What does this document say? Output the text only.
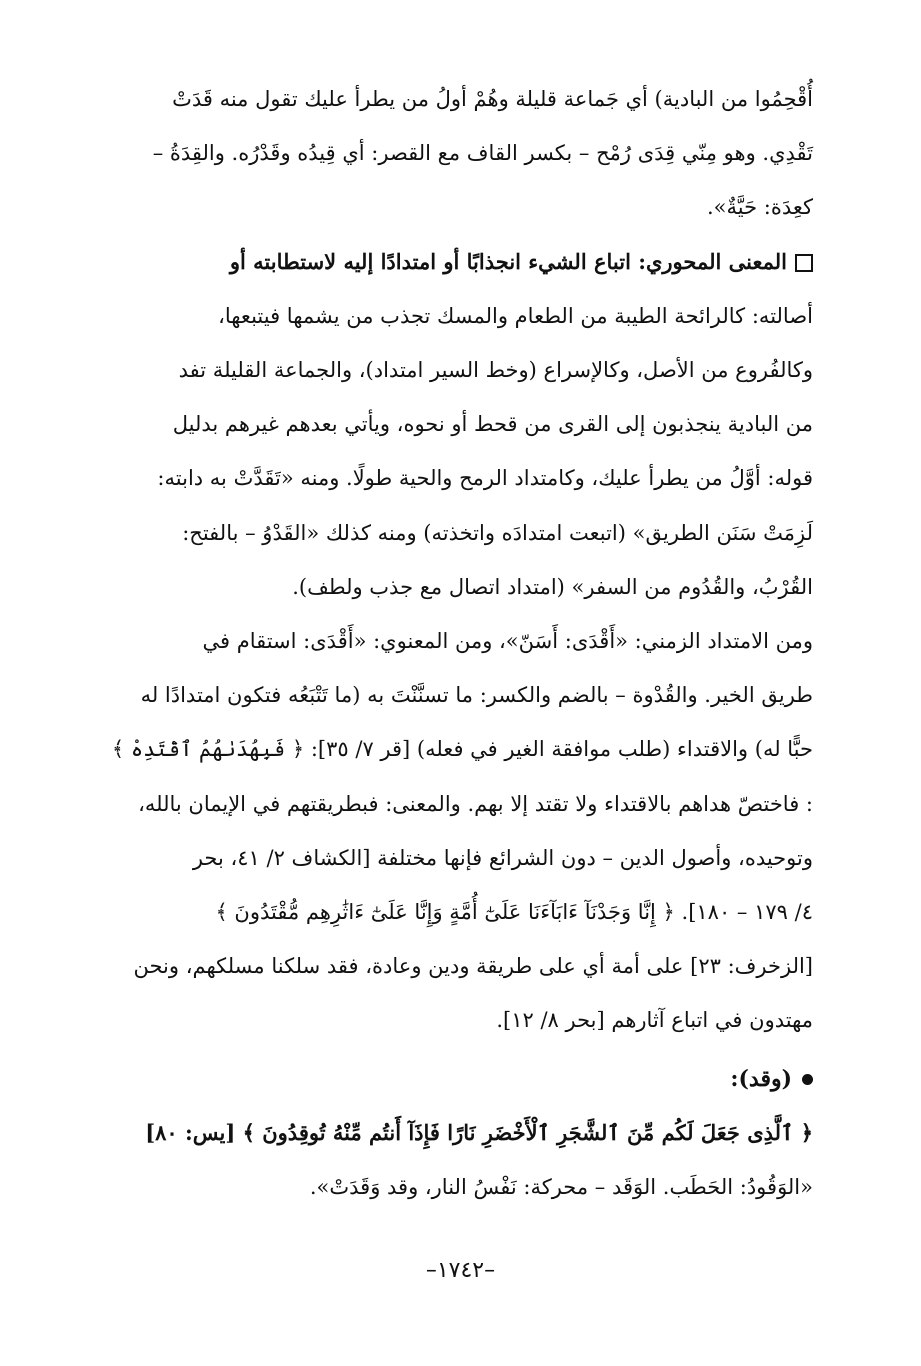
أُقْحِمُوا من البادية) أي جَماعة قليلة وهُمْ أولُ من يطرأ عليك تقول منه قَدَتْ
تَقْدِي. وهو مِنّي قِدَى رُمْح – بكسر القاف مع القصر: أي قِيدُه وقَدْرُه. والقِدَةُ –
كعِدَة: حَيَّةٌ».
المعنى المحوري: اتباع الشيء انجذابًا أو امتدادًا إليه لاستطابته أو
أصالته: كالرائحة الطيبة من الطعام والمسك تجذب من يشمها فيتبعها،
وكالفُروع من الأصل، وكالإسراع (وخط السير امتداد)، والجماعة القليلة تفد
من البادية ينجذبون إلى القرى من قحط أو نحوه، ويأتي بعدهم غيرهم بدليل
قوله: أوَّلُ من يطرأ عليك، وكامتداد الرمح والحية طولًا. ومنه «تَقَدَّتْ به دابته:
لَزِمَتْ سَنَن الطريق» (اتبعت امتدادَه واتخذته) ومنه كذلك «القَدْوُ – بالفتح:
القُرْبُ، والقُدُوم من السفر» (امتداد اتصال مع جذب ولطف).
ومن الامتداد الزمني: «أَقْدَى: أَسَنّ»، ومن المعنوي: «أَقْدَى: استقام في
طريق الخير. والقُدْوة – بالضم والكسر: ما تسنَّنْتَ به (ما تَتْبَعُه فتكون امتدادًا له
حبًّا له) والاقتداء (طلب موافقة الغير في فعله) [قر ٧/ ٣٥]: ﴿ فَبِهُدَىٰهُمُ ٱقْتَدِهْ ﴾
: فاختصّ هداهم بالاقتداء ولا تقتد إلا بهم. والمعنى: فبطريقتهم في الإيمان بالله،
وتوحيده، وأصول الدين – دون الشرائع فإنها مختلفة [الكشاف ٢/ ٤١، بحر
٤/ ١٧٩ – ١٨٠]. ﴿ إِنَّا وَجَدْنَآ ءَابَآءَنَا عَلَىٰٓ أُمَّةٍ وَإِنَّا عَلَىٰٓ ءَاثَٰرِهِم مُّقْتَدُونَ ﴾
[الزخرف: ٢٣] على أمة أي على طريقة ودين وعادة، فقد سلكنا مسلكهم، ونحن
مهتدون في اتباع آثارهم [بحر ٨/ ١٢].
(وقد):
﴿ ٱلَّذِى جَعَلَ لَكُم مِّنَ ٱلشَّجَرِ ٱلْأَخْضَرِ نَارًا فَإِذَآ أَنتُم مِّنْهُ تُوقِدُونَ ﴾ [يس: ٨٠]
«الوَقُودُ: الحَطَب. الوَقَد – محركة: نَفْسُ النار، وقد وَقَدَتْ».
–١٧٤٢–
